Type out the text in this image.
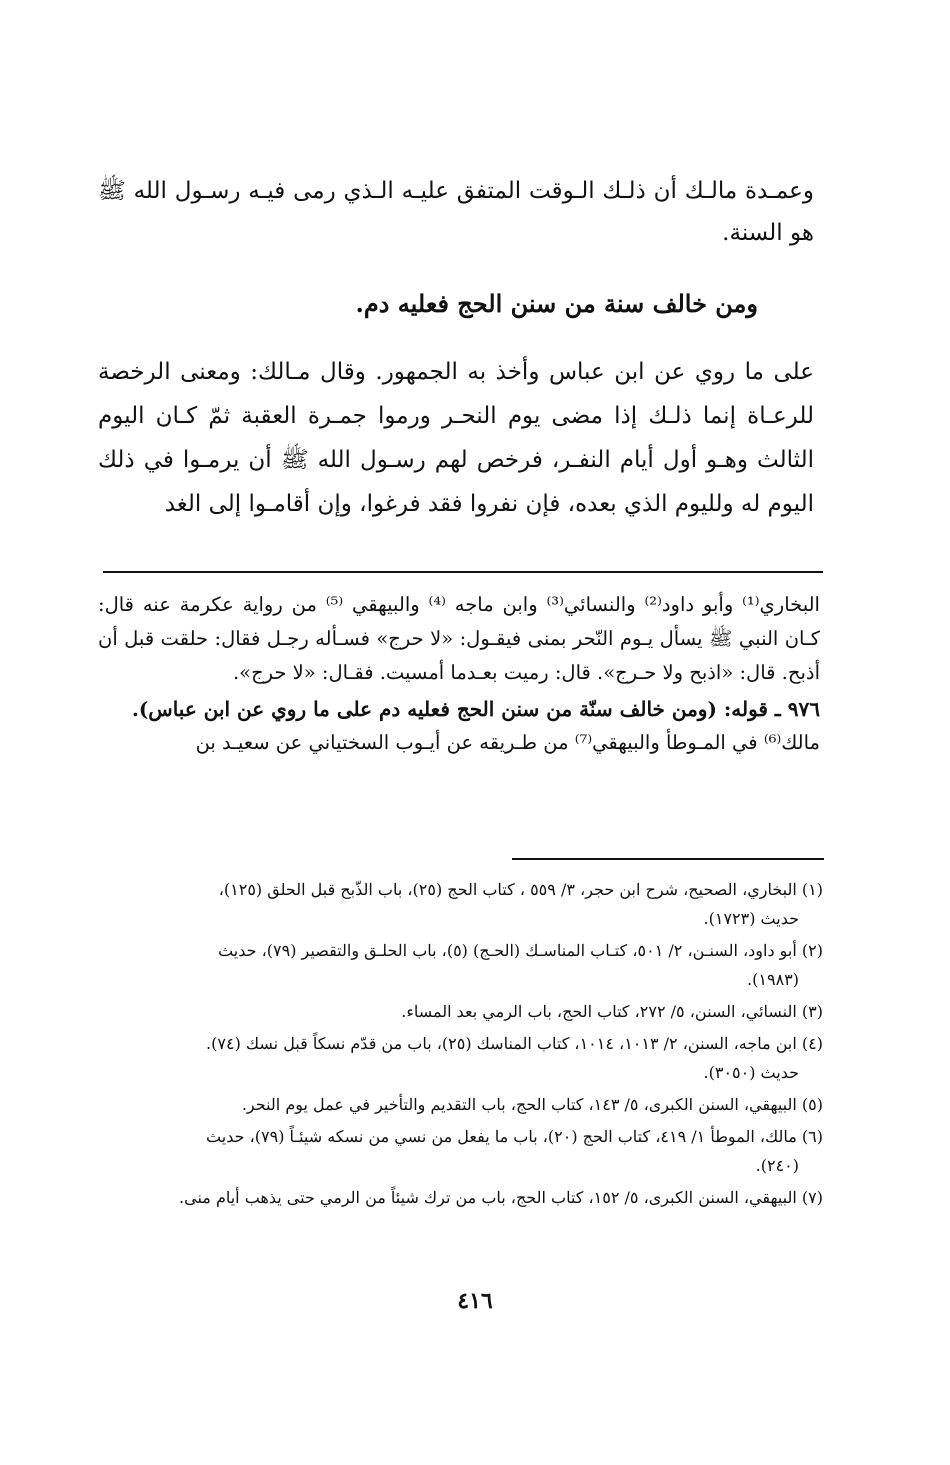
وعمـدة مالـك أن ذلـك الـوقت المتفق عليـه الـذي رمى فيـه رسـول الله ﷺ هو السنة.

ومن خالف سنة من سنن الحج فعليه دم.

على ما روي عن ابن عباس وأخذ به الجمهور. وقال مـالك: ومعنى الرخصة للرعـاة إنما ذلـك إذا مضى يوم النحـر ورموا جمـرة العقبة ثمّ كـان اليوم الثالث وهـو أول أيام النفـر، فرخص لهم رسـول الله ﷺ أن يرمـوا في ذلك اليوم له ولليوم الذي بعده، فإن نفروا فقد فرغوا، وإن أقامـوا إلى الغد

البخاري⁽¹⁾ وأبو داود⁽²⁾ والنسائي⁽³⁾ وابن ماجه ⁽⁴⁾ والبيهقي ⁽⁵⁾ من رواية عكرمة عنه قال: كـان النبي ﷺ يسأل يـوم النّحر بمنى فيقـول: «لا حرج» فسـأله رجـل فقال: حلقت قبل أن أذبح. قال: «اذبح ولا حـرج». قال: رميت بعـدما أمسيت. فقـال: «لا حرج».

٩٧٦ ـ قوله: (ومن خالف سنّة من سنن الحج فعليه دم على ما روي عن ابن عباس).

مالك⁽⁶⁾ في المـوطأ والبيهقي⁽⁷⁾ من طـريقه عن أيـوب السختياني عن سعيـد بن

(١) البخاري، الصحيح، شرح ابن حجر، ٣/ ٥٥٩ ، كتاب الحج (٢٥)، باب الذّبح قبل الحلق (١٢٥)،
حديث (١٧٢٣).
(٢) أبو داود، السنـن، ٢/ ٥٠١، كتـاب المناسـك (الحـج) (٥)، باب الحلـق والتقصير (٧٩)، حديث
(١٩٨٣).
(٣) النسائي، السنن، ٥/ ٢٧٢، كتاب الحج، باب الرمي بعد المساء.
(٤) ابن ماجه، السنن، ٢/ ١٠١٣، ١٠١٤، كتاب المناسك (٢٥)، باب من قدّم نسكاً قبل نسك (٧٤).
حديث (٣٠٥٠).
(٥) البيهقي، السنن الكبرى، ٥/ ١٤٣، كتاب الحج، باب التقديم والتأخير في عمل يوم النحر.
(٦) مالك، الموطأ ١/ ٤١٩، كتاب الحج (٢٠)، باب ما يفعل من نسي من نسكه شيئـاً (٧٩)، حديث
(٢٤٠).
(٧) البيهقي، السنن الكبرى، ٥/ ١٥٢، كتاب الحج، باب من ترك شيئاً من الرمي حتى يذهب أيام منى.
٤١٦
